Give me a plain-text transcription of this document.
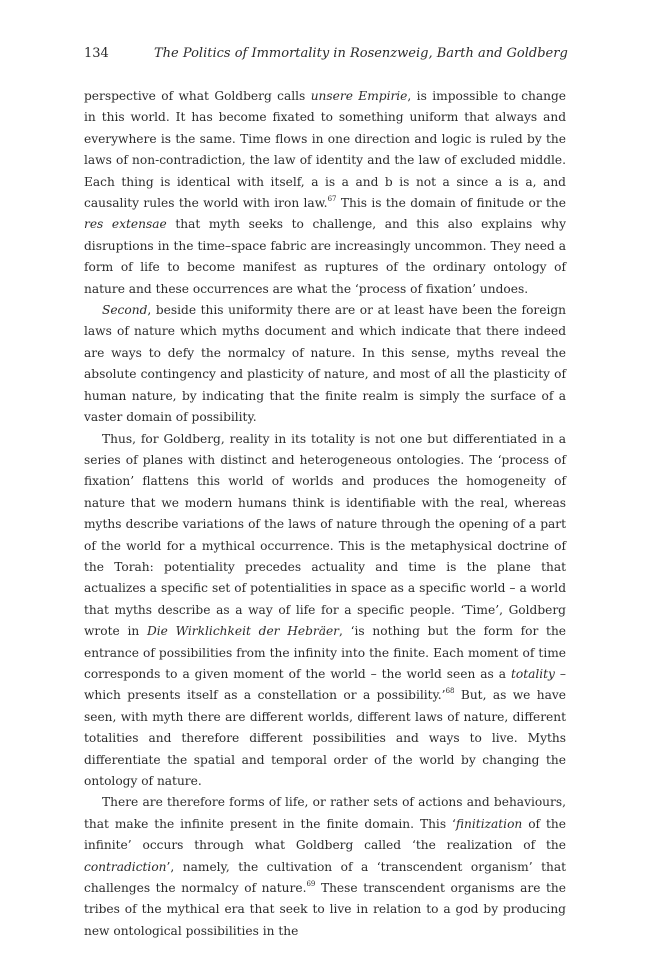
134	The Politics of Immortality in Rosenzweig, Barth and Goldberg

perspective of what Goldberg calls unsere Empirie, is impossible to change in this world. It has become fixated to something uniform that always and everywhere is the same. Time flows in one direction and logic is ruled by the laws of non-contradiction, the law of identity and the law of excluded middle. Each thing is identical with itself, a is a and b is not a since a is a, and causality rules the world with iron law.$^{67}$ This is the domain of finitude or the res extensae that myth seeks to challenge, and this also explains why disruptions in the time–space fabric are increasingly uncommon. They need a form of life to become manifest as ruptures of the ordinary ontology of nature and these occurrences are what the ‘process of fixation’ undoes.

Second, beside this uniformity there are or at least have been the foreign laws of nature which myths document and which indicate that there indeed are ways to defy the normalcy of nature. In this sense, myths reveal the absolute contingency and plasticity of nature, and most of all the plasticity of human nature, by indicating that the finite realm is simply the surface of a vaster domain of possibility.

Thus, for Goldberg, reality in its totality is not one but differentiated in a series of planes with distinct and heterogeneous ontologies. The ‘process of fixation’ flattens this world of worlds and produces the homogeneity of nature that we modern humans think is identifiable with the real, whereas myths describe variations of the laws of nature through the opening of a part of the world for a mythical occurrence. This is the metaphysical doctrine of the Torah: potentiality precedes actuality and time is the plane that actualizes a specific set of potentialities in space as a specific world – a world that myths describe as a way of life for a specific people. ‘Time’, Goldberg wrote in Die Wirklichkeit der Hebräer, ‘is nothing but the form for the entrance of possibilities from the infinity into the finite. Each moment of time corresponds to a given moment of the world – the world seen as a totality – which presents itself as a constellation or a possibility.’$^{68}$ But, as we have seen, with myth there are different worlds, different laws of nature, different totalities and therefore different possibilities and ways to live. Myths differentiate the spatial and temporal order of the world by changing the ontology of nature.

There are therefore forms of life, or rather sets of actions and behaviours, that make the infinite present in the finite domain. This ‘finitization of the infinite’ occurs through what Goldberg called ‘the realization of the contradiction’, namely, the cultivation of a ‘transcendent organism’ that challenges the normalcy of nature.$^{69}$ These transcendent organisms are the tribes of the mythical era that seek to live in relation to a god by producing new ontological possibilities in the
